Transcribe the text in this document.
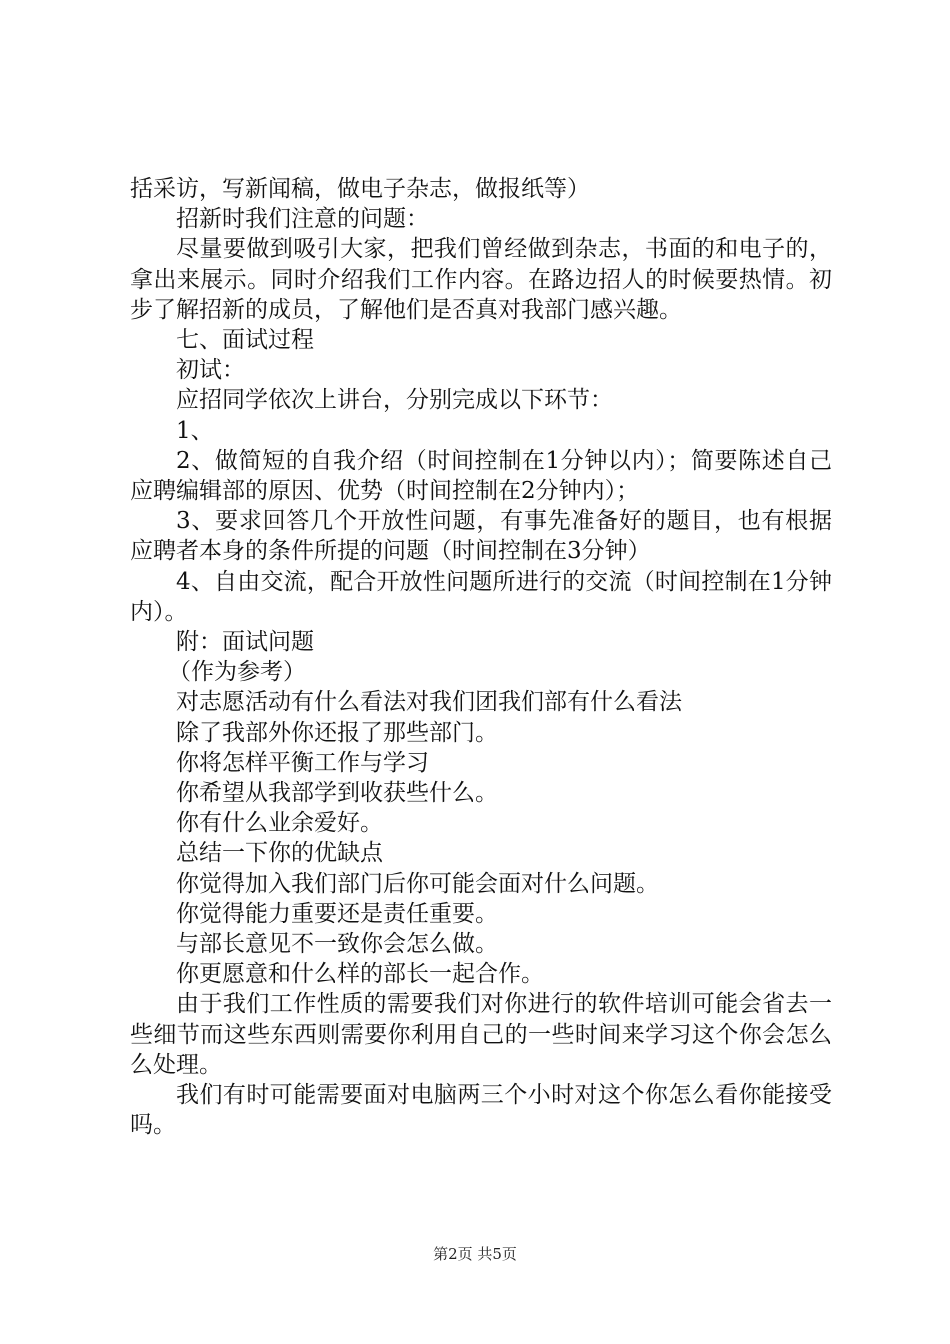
括采访，写新闻稿，做电子杂志，做报纸等）

招新时我们注意的问题：

尽量要做到吸引大家，把我们曾经做到杂志，书面的和电子的，拿出来展示。同时介绍我们工作内容。在路边招人的时候要热情。初步了解招新的成员，了解他们是否真对我部门感兴趣。

七、面试过程

初试：

应招同学依次上讲台，分别完成以下环节：

1、

2、做简短的自我介绍（时间控制在1分钟以内）；简要陈述自己应聘编辑部的原因、优势（时间控制在2分钟内）；

3、要求回答几个开放性问题，有事先准备好的题目，也有根据应聘者本身的条件所提的问题（时间控制在3分钟）

4、自由交流，配合开放性问题所进行的交流（时间控制在1分钟内）。

附：面试问题

（作为参考）

对志愿活动有什么看法对我们团我们部有什么看法

除了我部外你还报了那些部门。

你将怎样平衡工作与学习

你希望从我部学到收获些什么。

你有什么业余爱好。

总结一下你的优缺点

你觉得加入我们部门后你可能会面对什么问题。

你觉得能力重要还是责任重要。

与部长意见不一致你会怎么做。

你更愿意和什么样的部长一起合作。

由于我们工作性质的需要我们对你进行的软件培训可能会省去一些细节而这些东西则需要你利用自己的一些时间来学习这个你会怎么么处理。

我们有时可能需要面对电脑两三个小时对这个你怎么看你能接受吗。

第2页 共5页
